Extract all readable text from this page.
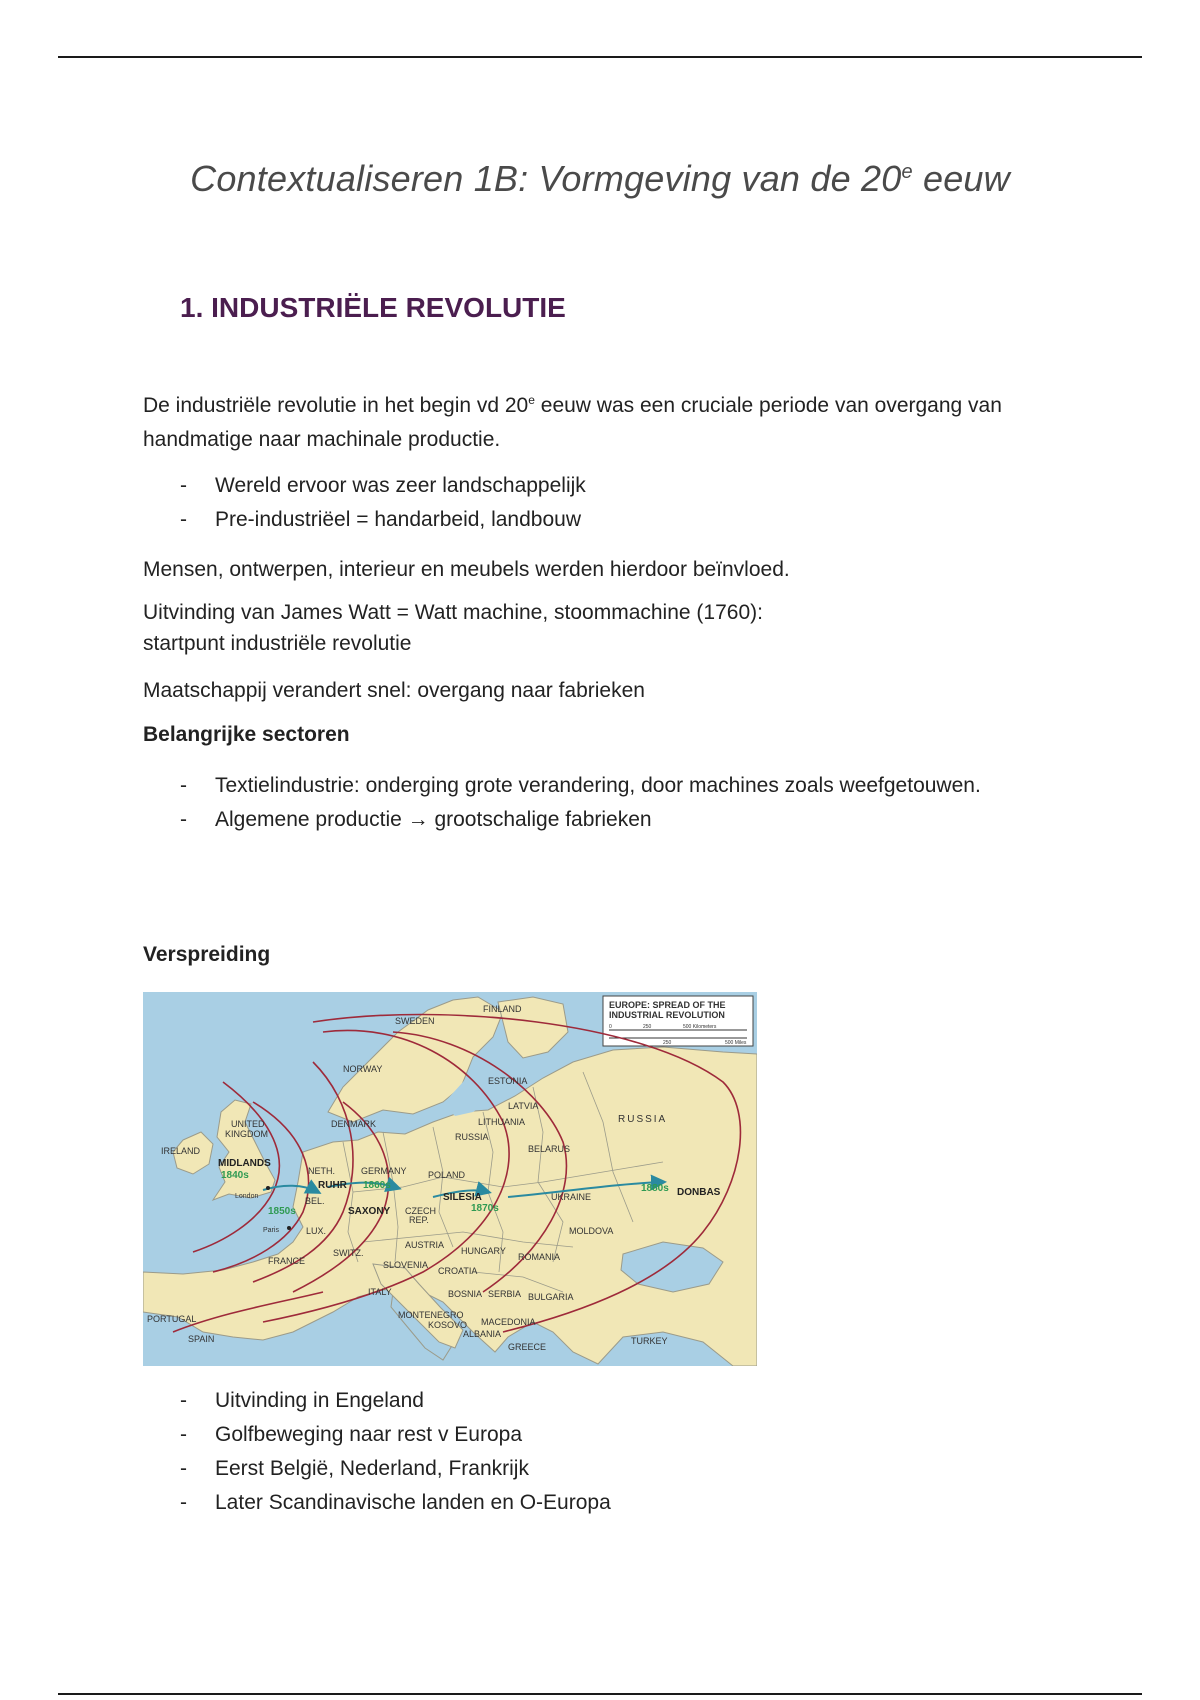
Contextualiseren 1B: Vormgeving van de 20e eeuw
1. INDUSTRIËLE REVOLUTIE

De industriële revolutie in het begin vd 20e eeuw was een cruciale periode van overgang van handmatige naar machinale productie.

- Wereld ervoor was zeer landschappelijk
- Pre-industriëel = handarbeid, landbouw

Mensen, ontwerpen, interieur en meubels werden hierdoor beïnvloed.

Uitvinding van James Watt = Watt machine, stoommachine (1760):

startpunt industriële revolutie

Maatschappij verandert snel: overgang naar fabrieken

Belangrijke sectoren
- Textielindustrie: onderging grote verandering, door machines zoals weefgetouwen.
- Algemene productie → grootschalige fabrieken
Verspreiding
EUROPE: SPREAD OF THE
INDUSTRIAL REVOLUTION
0	250	500 Kilometers
250	500 Miles
SWEDEN
FINLAND
NORWAY
ESTONIA
LATVIA
LITHUANIA
RUSSIA
RUSSIA
BELARUS
UNITED
KINGDOM
IRELAND
DENMARK
NETH.	GERMANY POLAND
BEL.
LUX.
CZECH
REP.
UKRAINE
MOLDOVA
AUSTRIA
HUNGARY
SWITZ.
FRANCE	SLOVENIA
CROATIA
ROMANIA
ITALY	BOSNIA SERBIA BULGARIA
MONTENEGRO
KOSOVO MACEDONIA
ALBANIA
GREECE
TURKEY
PORTUGAL
SPAIN
London
Paris
MIDLANDS
1840s
1850s
RUHR 1860s
SAXONY
SILESIA
1870s
DONBAS
1880s
- Uitvinding in Engeland
- Golfbeweging naar rest v Europa
- Eerst België, Nederland, Frankrijk
- Later Scandinavische landen en O-Europa
